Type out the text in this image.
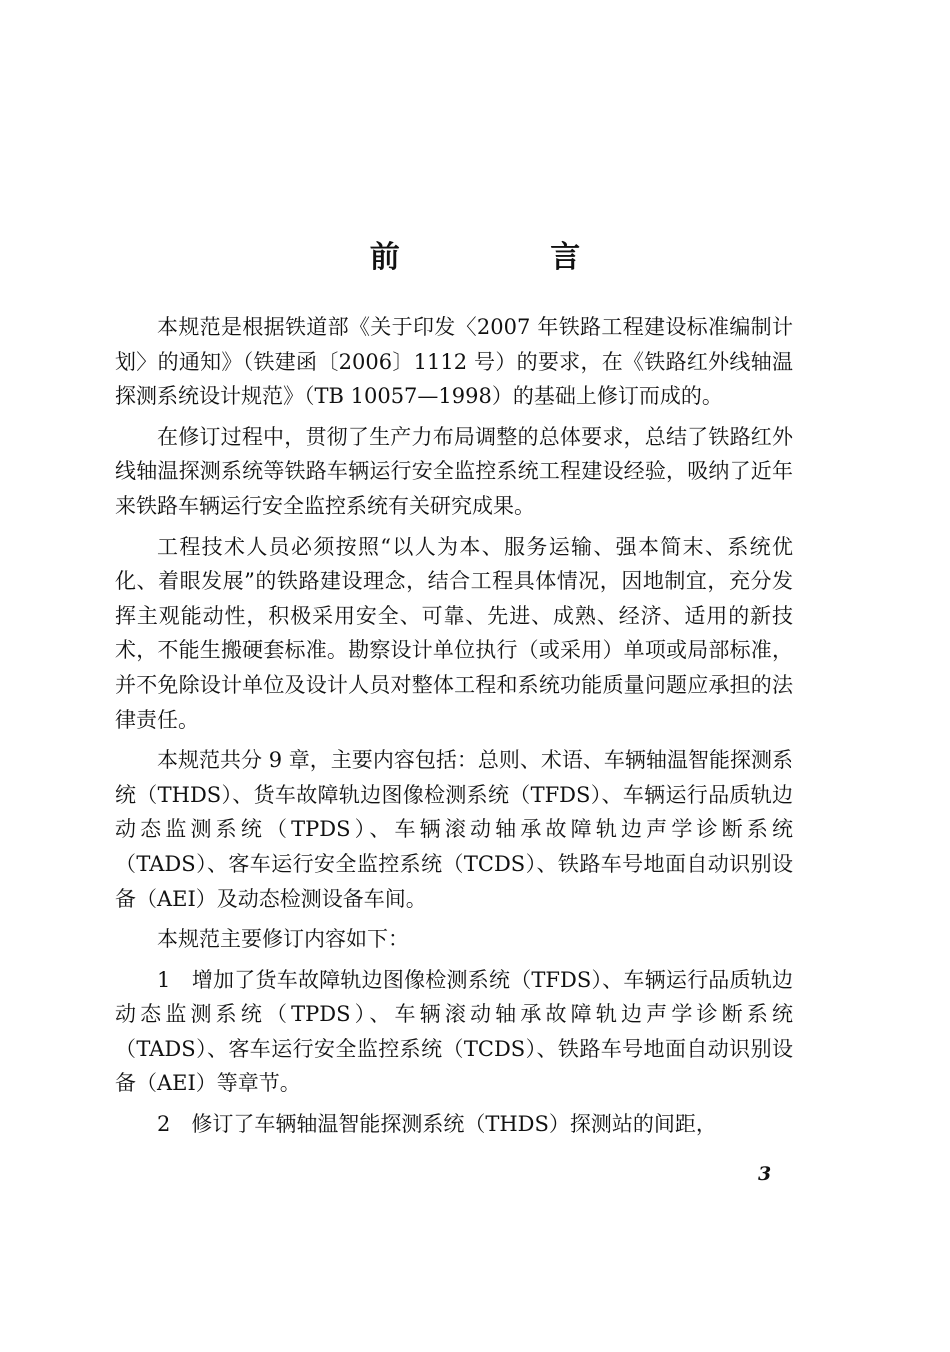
前 言

本规范是根据铁道部《关于印发〈2007 年铁路工程建设标准编制计划〉的通知》（铁建函〔2006〕1112 号）的要求，在《铁路红外线轴温探测系统设计规范》（TB 10057—1998）的基础上修订而成的。

在修订过程中，贯彻了生产力布局调整的总体要求，总结了铁路红外线轴温探测系统等铁路车辆运行安全监控系统工程建设经验，吸纳了近年来铁路车辆运行安全监控系统有关研究成果。

工程技术人员必须按照“以人为本、服务运输、强本简末、系统优化、着眼发展”的铁路建设理念，结合工程具体情况，因地制宜，充分发挥主观能动性，积极采用安全、可靠、先进、成熟、经济、适用的新技术，不能生搬硬套标准。勘察设计单位执行（或采用）单项或局部标准，并不免除设计单位及设计人员对整体工程和系统功能质量问题应承担的法律责任。

本规范共分 9 章，主要内容包括：总则、术语、车辆轴温智能探测系统（THDS）、货车故障轨边图像检测系统（TFDS）、车辆运行品质轨边动态监测系统（TPDS）、车辆滚动轴承故障轨边声学诊断系统（TADS）、客车运行安全监控系统（TCDS）、铁路车号地面自动识别设备（AEI）及动态检测设备车间。

本规范主要修订内容如下：

1　增加了货车故障轨边图像检测系统（TFDS）、车辆运行品质轨边动态监测系统（TPDS）、车辆滚动轴承故障轨边声学诊断系统（TADS）、客车运行安全监控系统（TCDS）、铁路车号地面自动识别设备（AEI）等章节。

2　修订了车辆轴温智能探测系统（THDS）探测站的间距，

3
